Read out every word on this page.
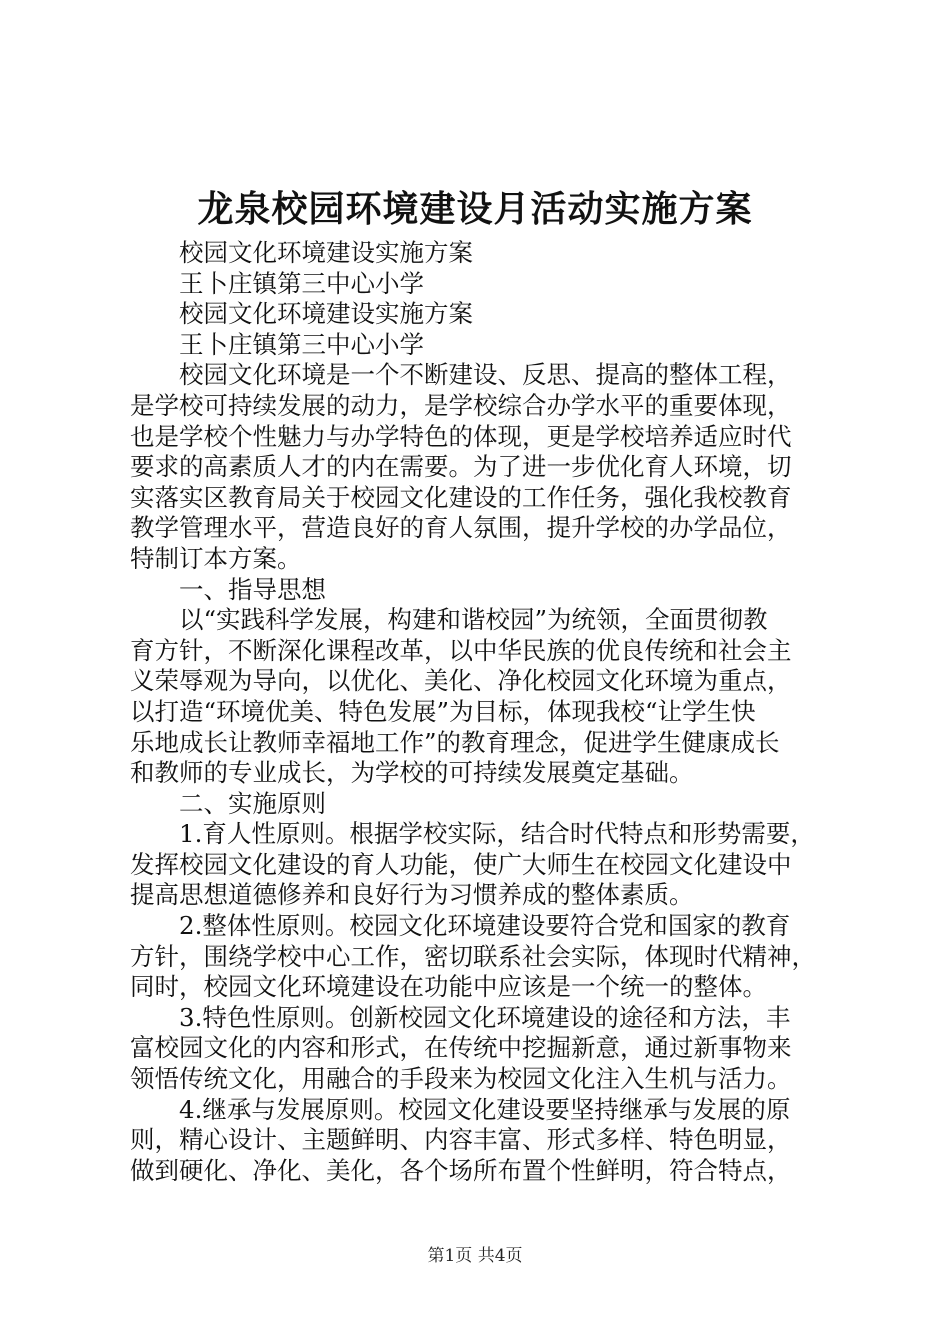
龙泉校园环境建设月活动实施方案
校园文化环境建设实施方案
王卜庄镇第三中心小学
校园文化环境建设实施方案
王卜庄镇第三中心小学
校园文化环境是一个不断建设、反思、提高的整体工程，
是学校可持续发展的动力，是学校综合办学水平的重要体现，
也是学校个性魅力与办学特色的体现，更是学校培养适应时代
要求的高素质人才的内在需要。为了进一步优化育人环境，切
实落实区教育局关于校园文化建设的工作任务，强化我校教育
教学管理水平，营造良好的育人氛围，提升学校的办学品位，
特制订本方案。
一、指导思想
以“实践科学发展，构建和谐校园”为统领，全面贯彻教
育方针，不断深化课程改革，以中华民族的优良传统和社会主
义荣辱观为导向，以优化、美化、净化校园文化环境为重点，
以打造“环境优美、特色发展”为目标，体现我校“让学生快
乐地成长让教师幸福地工作”的教育理念，促进学生健康成长
和教师的专业成长，为学校的可持续发展奠定基础。
二、实施原则
1.育人性原则。根据学校实际，结合时代特点和形势需要，
发挥校园文化建设的育人功能，使广大师生在校园文化建设中
提高思想道德修养和良好行为习惯养成的整体素质。
2.整体性原则。校园文化环境建设要符合党和国家的教育
方针，围绕学校中心工作，密切联系社会实际，体现时代精神，
同时，校园文化环境建设在功能中应该是一个统一的整体。
3.特色性原则。创新校园文化环境建设的途径和方法，丰
富校园文化的内容和形式，在传统中挖掘新意，通过新事物来
领悟传统文化，用融合的手段来为校园文化注入生机与活力。
4.继承与发展原则。校园文化建设要坚持继承与发展的原
则，精心设计、主题鲜明、内容丰富、形式多样、特色明显，
做到硬化、净化、美化，各个场所布置个性鲜明，符合特点，
第1页 共4页
